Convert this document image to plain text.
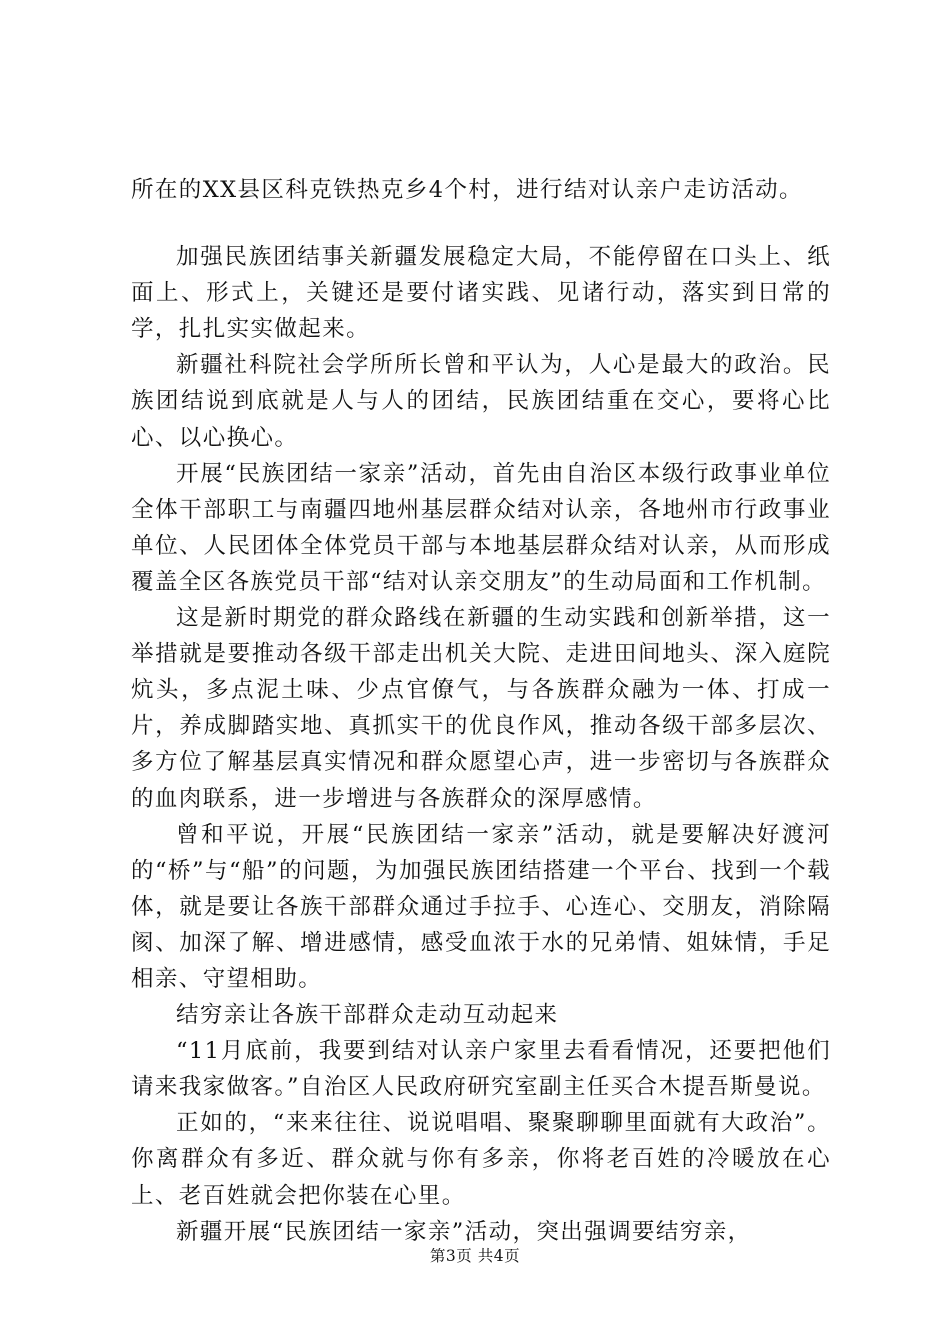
所在的XX县区科克铁热克乡4个村，进行结对认亲户走访活动。

加强民族团结事关新疆发展稳定大局，不能停留在口头上、纸面上、形式上，关键还是要付诸实践、见诸行动，落实到日常的学，扎扎实实做起来。

新疆社科院社会学所所长曾和平认为，人心是最大的政治。民族团结说到底就是人与人的团结，民族团结重在交心，要将心比心、以心换心。

开展“民族团结一家亲”活动，首先由自治区本级行政事业单位全体干部职工与南疆四地州基层群众结对认亲，各地州市行政事业单位、人民团体全体党员干部与本地基层群众结对认亲，从而形成覆盖全区各族党员干部“结对认亲交朋友”的生动局面和工作机制。

这是新时期党的群众路线在新疆的生动实践和创新举措，这一举措就是要推动各级干部走出机关大院、走进田间地头、深入庭院炕头，多点泥土味、少点官僚气，与各族群众融为一体、打成一片，养成脚踏实地、真抓实干的优良作风，推动各级干部多层次、多方位了解基层真实情况和群众愿望心声，进一步密切与各族群众的血肉联系，进一步增进与各族群众的深厚感情。

曾和平说，开展“民族团结一家亲”活动，就是要解决好渡河的“桥”与“船”的问题，为加强民族团结搭建一个平台、找到一个载体，就是要让各族干部群众通过手拉手、心连心、交朋友，消除隔阂、加深了解、增进感情，感受血浓于水的兄弟情、姐妹情，手足相亲、守望相助。

结穷亲让各族干部群众走动互动起来

“11月底前，我要到结对认亲户家里去看看情况，还要把他们请来我家做客。”自治区人民政府研究室副主任买合木提吾斯曼说。

正如的，“来来往往、说说唱唱、聚聚聊聊里面就有大政治”。你离群众有多近、群众就与你有多亲，你将老百姓的冷暖放在心上、老百姓就会把你装在心里。

新疆开展“民族团结一家亲”活动，突出强调要结穷亲，

第3页 共4页
